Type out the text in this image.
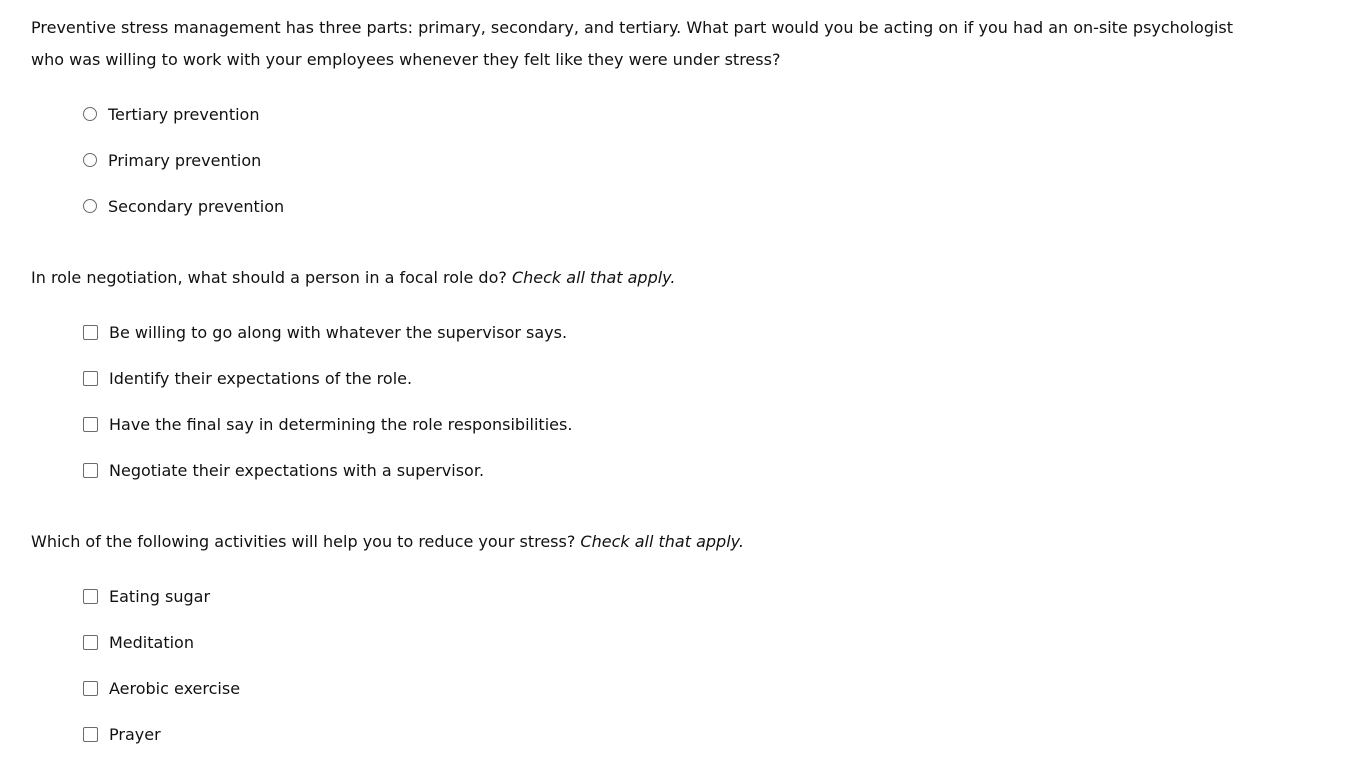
Preventive stress management has three parts: primary, secondary, and tertiary. What part would you be acting on if you had an on-site psychologist who was willing to work with your employees whenever they felt like they were under stress?

Tertiary prevention
Primary prevention
Secondary prevention

In role negotiation, what should a person in a focal role do? Check all that apply.

Be willing to go along with whatever the supervisor says.
Identify their expectations of the role.
Have the final say in determining the role responsibilities.
Negotiate their expectations with a supervisor.

Which of the following activities will help you to reduce your stress? Check all that apply.

Eating sugar
Meditation
Aerobic exercise
Prayer
